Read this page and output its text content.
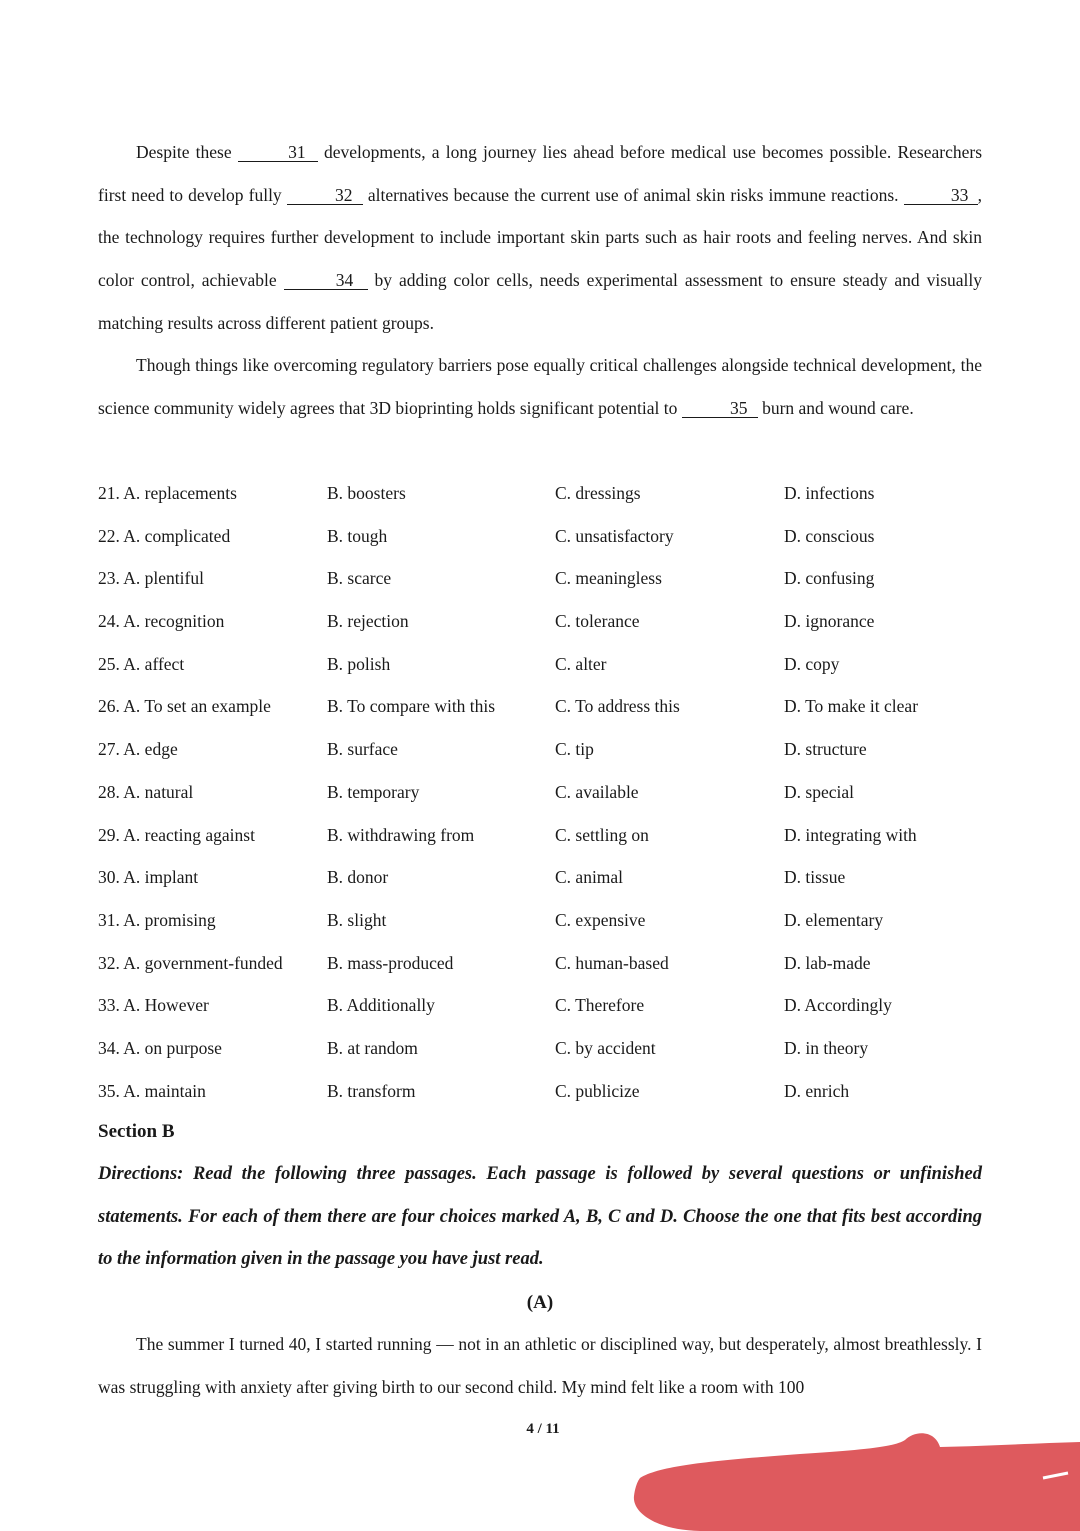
Despite these	31 developments, a long journey lies ahead before medical use becomes possible. Researchers first need to develop fully	32 alternatives because the current use of animal skin risks immune reactions.	33 , the technology requires further development to include important skin parts such as hair roots and feeling nerves. And skin color control, achievable	34 by adding color cells, needs experimental assessment to ensure steady and visually matching results across different patient groups.

Though things like overcoming regulatory barriers pose equally critical challenges alongside technical development, the science community widely agrees that 3D bioprinting holds significant potential to	35 burn and wound care.

21. A. replacements	B. boosters	C. dressings	D. infections
22. A. complicated	B. tough	C. unsatisfactory	D. conscious
23. A. plentiful	B. scarce	C. meaningless	D. confusing
24. A. recognition	B. rejection	C. tolerance	D. ignorance
25. A. affect	B. polish	C. alter	D. copy
26. A. To set an example	B. To compare with this	C. To address this	D. To make it clear
27. A. edge	B. surface	C. tip	D. structure
28. A. natural	B. temporary	C. available	D. special
29. A. reacting against	B. withdrawing from	C. settling on	D. integrating with
30. A. implant	B. donor	C. animal	D. tissue
31. A. promising	B. slight	C. expensive	D. elementary
32. A. government-funded	B. mass-produced	C. human-based	D. lab-made
33. A. However	B. Additionally	C. Therefore	D. Accordingly
34. A. on purpose	B. at random	C. by accident	D. in theory
35. A. maintain	B. transform	C. publicize	D. enrich
Section B

Directions: Read the following three passages. Each passage is followed by several questions or unfinished statements. For each of them there are four choices marked A, B, C and D. Choose the one that fits best according to the information given in the passage you have just read.

(A)

The summer I turned 40, I started running — not in an athletic or disciplined way, but desperately, almost breathlessly. I was struggling with anxiety after giving birth to our second child. My mind felt like a room with 100

4 / 11
